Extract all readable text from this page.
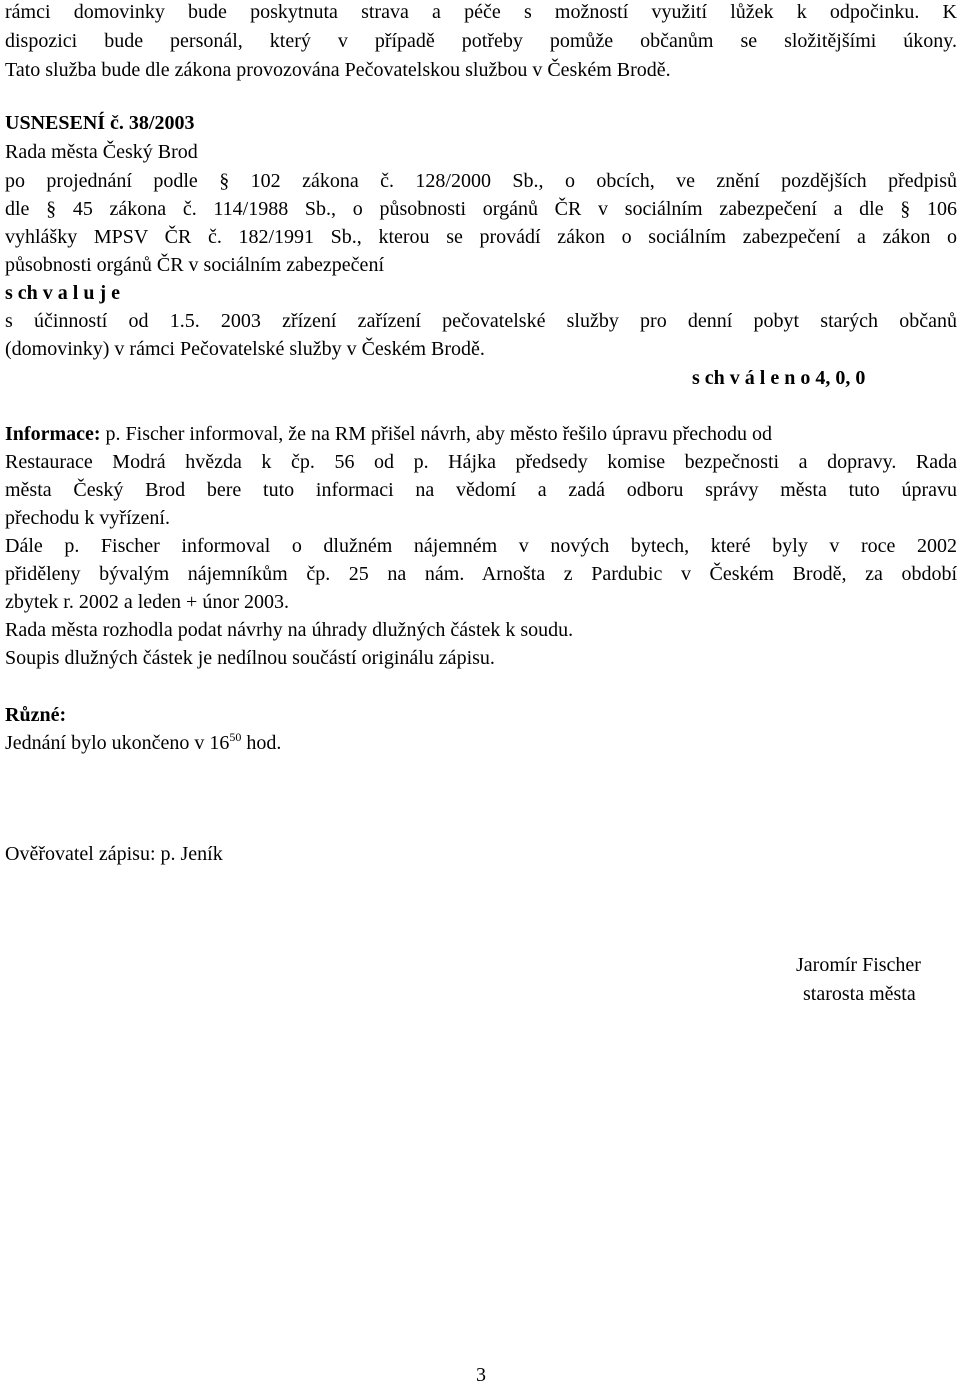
rámci domovinky bude poskytnuta strava a péče s možností využití lůžek k odpočinku. K
dispozici bude personál, který v případě potřeby pomůže občanům se složitějšími úkony.
Tato služba bude dle zákona provozována Pečovatelskou službou v Českém Brodě.
USNESENÍ č. 38/2003
Rada města Český Brod
po projednání podle § 102 zákona č. 128/2000 Sb., o obcích, ve znění pozdějších předpisů
dle § 45 zákona č. 114/1988 Sb., o působnosti orgánů ČR v sociálním zabezpečení a dle § 106
vyhlášky MPSV ČR č. 182/1991 Sb., kterou se provádí zákon o sociálním zabezpečení a zákon o
působnosti orgánů ČR v sociálním zabezpečení
s ch v a l u j e
s účinností od 1.5. 2003 zřízení zařízení pečovatelské služby pro denní pobyt starých občanů
(domovinky) v rámci Pečovatelské služby v Českém Brodě.
s ch v á l e n o 4, 0, 0
Informace: p. Fischer informoval, že na RM přišel návrh, aby město řešilo úpravu přechodu od
Restaurace Modrá hvězda k čp. 56 od p. Hájka předsedy komise bezpečnosti a dopravy. Rada
města Český Brod bere tuto informaci na vědomí a zadá odboru správy města tuto úpravu
přechodu k vyřízení.
Dále p. Fischer informoval o dlužném nájemném v nových bytech, které byly v roce 2002
přiděleny bývalým nájemníkům čp. 25 na nám. Arnošta z Pardubic v Českém Brodě, za období
zbytek r. 2002 a leden + únor 2003.
Rada města rozhodla podat návrhy na úhrady dlužných částek k soudu.
Soupis dlužných částek je nedílnou součástí originálu zápisu.
Různé:
Jednání bylo ukončeno v $16^{50}$ hod.
Ověřovatel zápisu: p. Jeník
Jaromír Fischer
starosta města
3
